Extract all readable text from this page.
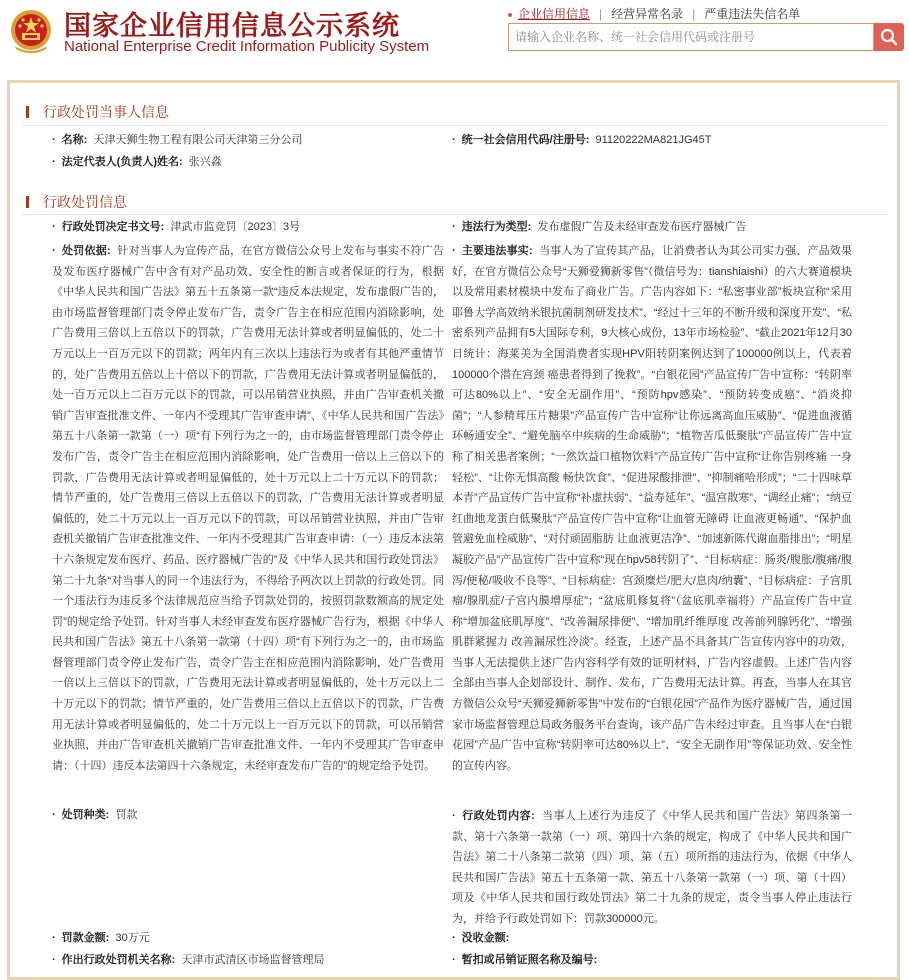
国家企业信用信息公示系统
National Enterprise Credit Information Publicity System
企业信用信息 | 经营异常名录 | 严重违法失信名单
请输入企业名称、统一社会信用代码或注册号
行政处罚当事人信息
· 名称: 天津天狮生物工程有限公司天津第三分公司	· 统一社会信用代码/注册号: 91120222MA821JG45T
· 法定代表人(负责人)姓名: 张兴淼
行政处罚信息
· 行政处罚决定书文号: 津武市监竞罚〔2023〕3号	· 违法行为类型: 发布虚假广告及未经审查发布医疗器械广告
· 处罚依据: 针对当事人为宣传产品，在官方微信公众号上发布与事实不符广告及发布医疗器械广告中含有对产品功效、安全性的断言或者保证的行为，根据《中华人民共和国广告法》第五十五条第一款“违反本法规定，发布虚假广告的，由市场监督管理部门责令停止发布广告，责令广告主在相应范围内消除影响，处广告费用三倍以上五倍以下的罚款，广告费用无法计算或者明显偏低的，处二十万元以上一百万元以下的罚款；两年内有三次以上违法行为或者有其他严重情节的，处广告费用五倍以上十倍以下的罚款，广告费用无法计算或者明显偏低的，处一百万元以上二百万元以下的罚款，可以吊销营业执照，并由广告审查机关撤销广告审查批准文件、一年内不受理其广告审查申请”、《中华人民共和国广告法》第五十八条第一款第（一）项“有下列行为之一的，由市场监督管理部门责令停止发布广告，责令广告主在相应范围内消除影响，处广告费用一倍以上三倍以下的罚款，广告费用无法计算或者明显偏低的，处十万元以上二十万元以下的罚款；情节严重的，处广告费用三倍以上五倍以下的罚款，广告费用无法计算或者明显偏低的，处二十万元以上一百万元以下的罚款，可以吊销营业执照，并由广告审查机关撤销广告审查批准文件、一年内不受理其广告审查申请：（一）违反本法第十六条规定发布医疗、药品、医疗器械广告的”及《中华人民共和国行政处罚法》第二十九条“对当事人的同一个违法行为，不得给予两次以上罚款的行政处罚。同一个违法行为违反多个法律规范应当给予罚款处罚的，按照罚款数额高的规定处罚”的规定给予处罚。针对当事人未经审查发布医疗器械广告行为，根据《中华人民共和国广告法》第五十八条第一款第（十四）项“有下列行为之一的，由市场监督管理部门责令停止发布广告，责令广告主在相应范围内消除影响，处广告费用一倍以上三倍以下的罚款，广告费用无法计算或者明显偏低的，处十万元以上二十万元以下的罚款；情节严重的，处广告费用三倍以上五倍以下的罚款，广告费用无法计算或者明显偏低的，处二十万元以上一百万元以下的罚款，可以吊销营业执照，并由广告审查机关撤销广告审查批准文件、一年内不受理其广告审查申请：（十四）违反本法第四十六条规定，未经审查发布广告的”的规定给予处罚。
· 主要违法事实: 当事人为了宣传其产品，让消费者认为其公司实力强、产品效果好，在官方微信公众号“天狮爱狮新零售”（微信号为：tianshiaishi）的六大赛道模块以及常用素材模块中发布了商业广告。广告内容如下：“私密事业部”板块宣称“采用耶鲁大学高效纳米银抗菌制剂研发技术”、“经过十三年的不断升级和深度开发”、“私密系列产品拥有5大国际专利，9大核心成份，13年市场检验”、“截止2021年12月30日统计：海莱美为全国消费者实现HPV阳转阴案例达到了100000例以上，代表着100000个潜在宫颈 癌患者得到了挽救”。“白银花园”产品宣传广告中宣称：“转阴率可达80%以上”、“安全无副作用”、“预防hpv感染”、“预防转变成癌”、“消炎抑菌”；“人参精茸压片糖果”产品宣传广告中宣称“让你远离高血压威胁”、“促进血液循环畅通安全”、“避免脑卒中疾病的生命威胁”；“植物苦瓜低聚肽”产品宣传广告中宣称了相关患者案例；“一然饮益口植物饮料”产品宣传广告中宣称“让你告别疼痛 一身轻松”、“让你无惧高酸 畅快饮食”、“促进尿酸排泄”、“抑制痛哈形成”；“二十四味草本青”产品宣传广告中宣称“补虚扶弱”、“益寿延年”、“温宫散寒”、“调经止痛”；“纳豆红曲地龙蛋白低聚肽”产品宣传广告中宣称“让血管无障碍 让血液更畅通”、“保护血管避免血栓威胁”、“对付顽固脂肪 让血液更洁净”、“加速新陈代谢血脂排出”；“明星凝胶产品”产品宣传广告中宣称“现在hpv58转阴了”、“目标病症：肠炎/腹胀/腹痛/腹泻/便秘/吸收不良等”、“目标病症：宫颈糜烂/肥大/息肉/纳囊”、“目标病症：子宫肌瘤/腺肌症/子宫内膜增厚症”；“盆底肌修复将”（盆底肌幸福将）产品宣传广告中宣称“增加盆底肌厚度”、“改善漏尿排便”、“增加肌纤维厚度 改善前列腺钙化”、“增强肌群紧握力 改善漏尿性冷淡”。经查，上述产品不具备其广告宣传内容中的功效，当事人无法提供上述广告内容科学有效的证明材料，广告内容虚假。上述广告内容全部由当事人企划部设计、制作、发布，广告费用无法计算。再查，当事人在其官方微信公众号“天狮爱狮新零售”中发布的“白银花园”产品作为医疗器械广告，通过国家市场监督管理总局政务服务平台查询，该产品广告未经过审查。且当事人在“白银花园”产品广告中宣称“转阴率可达80%以上”、“安全无副作用”等保证功效、安全性的宣传内容。
· 处罚种类: 罚款	· 行政处罚内容: 当事人上述行为违反了《中华人民共和国广告法》第四条第一款、第十六条第一款第（一）项、第四十六条的规定，构成了《中华人民共和国广告法》第二十八条第二款第（四）项、第（五）项所指的违法行为，依据《中华人民共和国广告法》第五十五条第一款、第五十八条第一款第（一）项、第（十四）项及《中华人民共和国行政处罚法》第二十九条的规定，责令当事人停止违法行为，并给予行政处罚如下：罚款300000元。
· 罚款金额: 30万元	· 没收金额:
· 作出行政处罚机关名称: 天津市武清区市场监督管理局	· 暂扣或吊销证照名称及编号:
